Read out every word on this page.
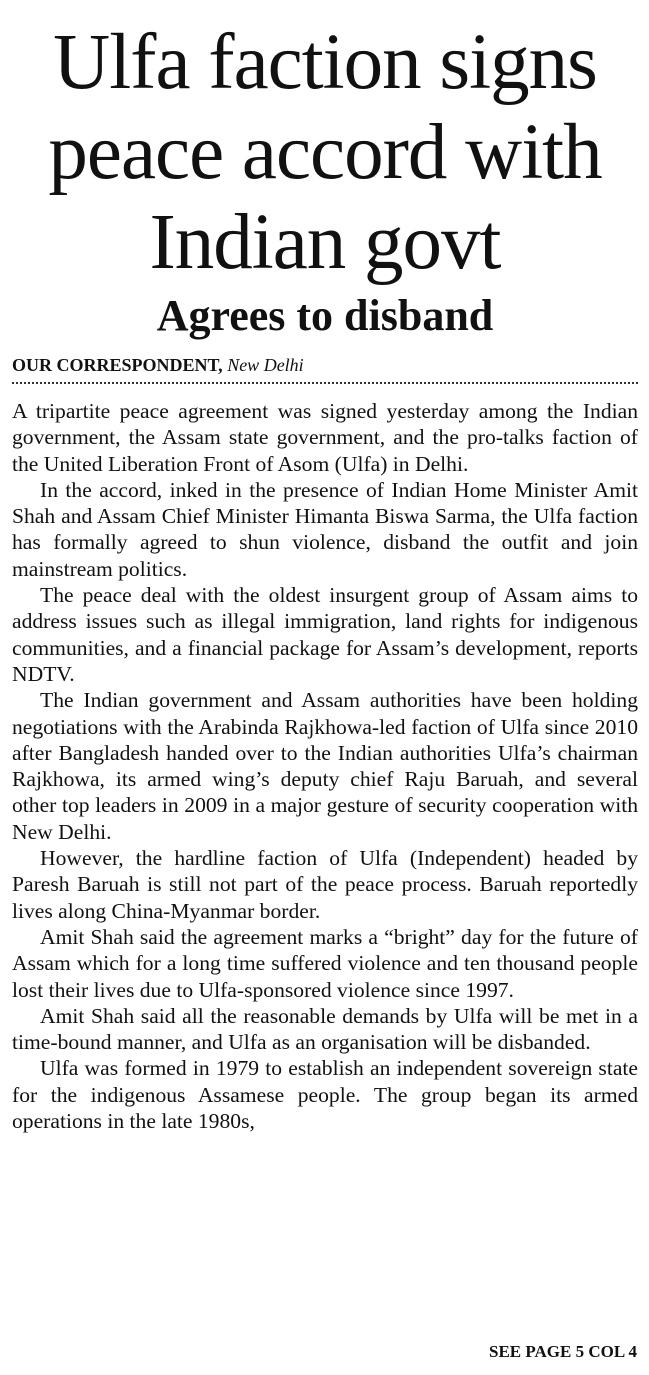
Ulfa faction signs peace accord with Indian govt
Agrees to disband
OUR CORRESPONDENT, New Delhi

A tripartite peace agreement was signed yesterday among the Indian government, the Assam state government, and the pro-talks faction of the United Liberation Front of Asom (Ulfa) in Delhi.

In the accord, inked in the presence of Indian Home Minister Amit Shah and Assam Chief Minister Himanta Biswa Sarma, the Ulfa faction has formally agreed to shun violence, disband the outfit and join mainstream politics.

The peace deal with the oldest insurgent group of Assam aims to address issues such as illegal immigration, land rights for indigenous communities, and a financial package for Assam’s development, reports NDTV.

The Indian government and Assam authorities have been holding negotiations with the Arabinda Rajkhowa-led faction of Ulfa since 2010 after Bangladesh handed over to the Indian authorities Ulfa’s chairman Rajkhowa, its armed wing’s deputy chief Raju Baruah, and several other top leaders in 2009 in a major gesture of security cooperation with New Delhi.

However, the hardline faction of Ulfa (Independent) headed by Paresh Baruah is still not part of the peace process. Baruah reportedly lives along China-Myanmar border.

Amit Shah said the agreement marks a “bright” day for the future of Assam which for a long time suffered violence and ten thousand people lost their lives due to Ulfa-sponsored violence since 1997.

Amit Shah said all the reasonable demands by Ulfa will be met in a time-bound manner, and Ulfa as an organisation will be disbanded.

Ulfa was formed in 1979 to establish an independent sovereign state for the indigenous Assamese people. The group began its armed operations in the late 1980s,

SEE PAGE 5 COL 4
